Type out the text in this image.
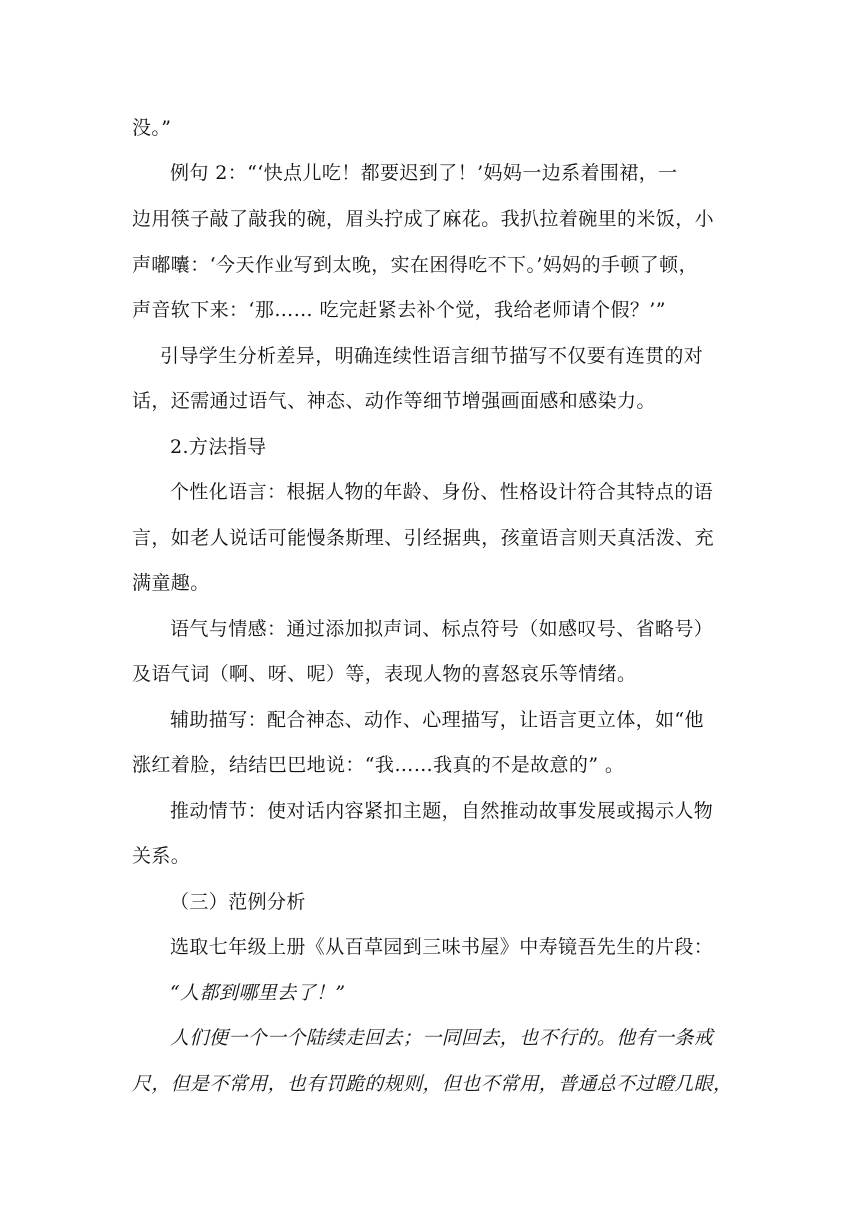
没。”

例句 2：“‘快点儿吃！都要迟到了！’妈妈一边系着围裙，一

边用筷子敲了敲我的碗，眉头拧成了麻花。我扒拉着碗里的米饭，小

声嘟囔：‘今天作业写到太晚，实在困得吃不下。’妈妈的手顿了顿，

声音软下来：‘那…… 吃完赶紧去补个觉，我给老师请个假？’”

引导学生分析差异，明确连续性语言细节描写不仅要有连贯的对

话，还需通过语气、神态、动作等细节增强画面感和感染力。

2.方法指导

个性化语言：根据人物的年龄、身份、性格设计符合其特点的语

言，如老人说话可能慢条斯理、引经据典，孩童语言则天真活泼、充

满童趣。

语气与情感：通过添加拟声词、标点符号（如感叹号、省略号）

及语气词（啊、呀、呢）等，表现人物的喜怒哀乐等情绪。

辅助描写：配合神态、动作、心理描写，让语言更立体，如“他

涨红着脸，结结巴巴地说：“我……我真的不是故意的” 。

推动情节：使对话内容紧扣主题，自然推动故事发展或揭示人物

关系。

（三）范例分析

选取七年级上册《从百草园到三味书屋》中寿镜吾先生的片段：

“人都到哪里去了！”

人们便一个一个陆续走回去；一同回去，也不行的。他有一条戒

尺，但是不常用，也有罚跪的规则，但也不常用，普通总不过瞪几眼，
